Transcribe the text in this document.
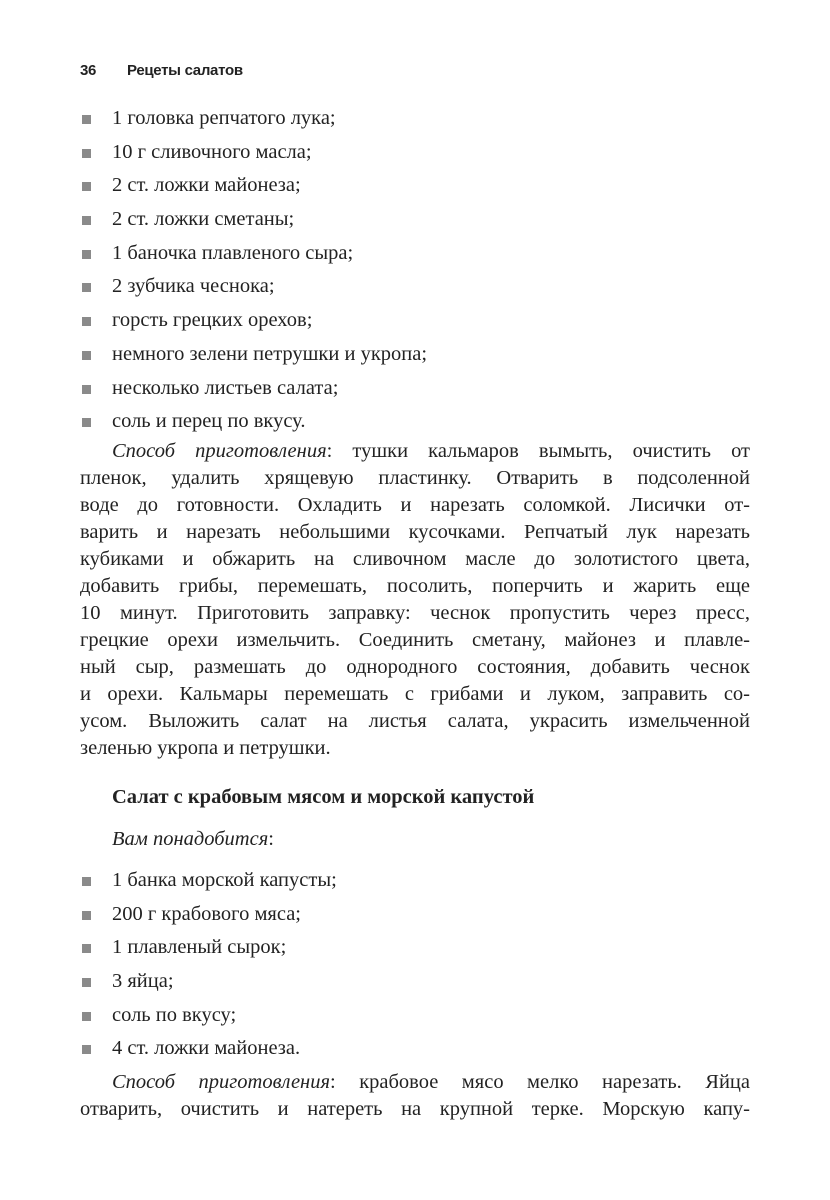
36 Рецеты салатов
1 головка репчатого лука;
10 г сливочного масла;
2 ст. ложки майонеза;
2 ст. ложки сметаны;
1 баночка плавленого сыра;
2 зубчика чеснока;
горсть грецких орехов;
немного зелени петрушки и укропа;
несколько листьев салата;
соль и перец по вкусу.
Способ приготовления: тушки кальмаров вымыть, очистить от
пленок, удалить хрящевую пластинку. Отварить в подсоленной
воде до готовности. Охладить и нарезать соломкой. Лисички от-
варить и нарезать небольшими кусочками. Репчатый лук нарезать
кубиками и обжарить на сливочном масле до золотистого цвета,
добавить грибы, перемешать, посолить, поперчить и жарить еще
10 минут. Приготовить заправку: чеснок пропустить через пресс,
грецкие орехи измельчить. Соединить сметану, майонез и плавле-
ный сыр, размешать до однородного состояния, добавить чеснок
и орехи. Кальмары перемешать с грибами и луком, заправить со-
усом. Выложить салат на листья салата, украсить измельченной
зеленью укропа и петрушки.
Салат с крабовым мясом и морской капустой
Вам понадобится:
1 банка морской капусты;
200 г крабового мяса;
1 плавленый сырок;
3 яйца;
соль по вкусу;
4 ст. ложки майонеза.
Способ приготовления: крабовое мясо мелко нарезать. Яйца
отварить, очистить и натереть на крупной терке. Морскую капу-
